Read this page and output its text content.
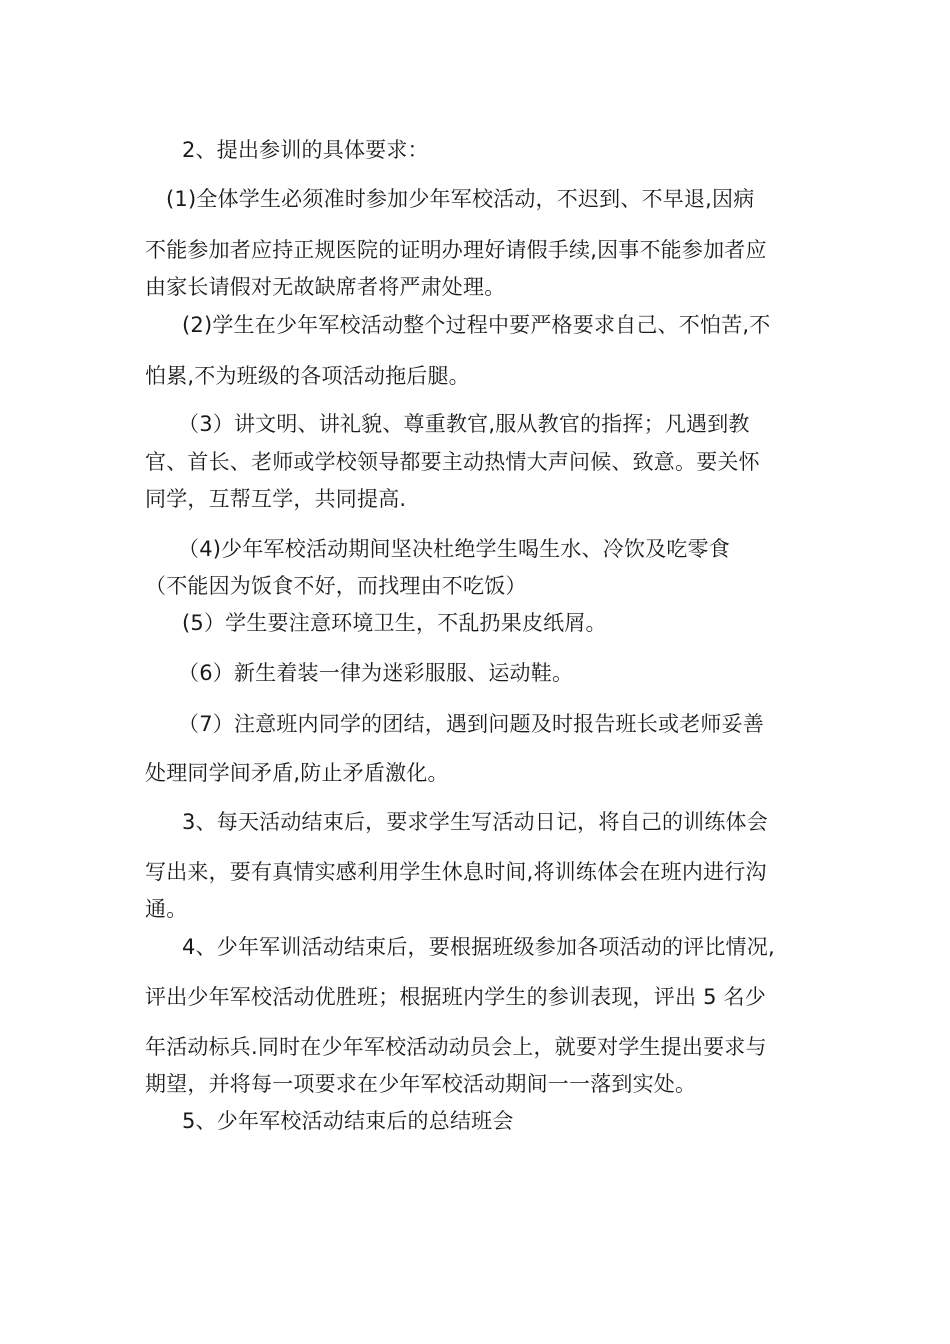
2、提出参训的具体要求：
(1)全体学生必须准时参加少年军校活动，不迟到、不早退,因病
不能参加者应持正规医院的证明办理好请假手续,因事不能参加者应
由家长请假对无故缺席者将严肃处理。
(2)学生在少年军校活动整个过程中要严格要求自己、不怕苦,不
怕累,不为班级的各项活动拖后腿。
（3）讲文明、讲礼貌、尊重教官,服从教官的指挥；凡遇到教
官、首长、老师或学校领导都要主动热情大声问候、致意。要关怀
同学，互帮互学，共同提高.
（4)少年军校活动期间坚决杜绝学生喝生水、冷饮及吃零食
（不能因为饭食不好，而找理由不吃饭）
(5）学生要注意环境卫生，不乱扔果皮纸屑。
（6）新生着装一律为迷彩服服、运动鞋。
（7）注意班内同学的团结，遇到问题及时报告班长或老师妥善
处理同学间矛盾,防止矛盾激化。
3、每天活动结束后，要求学生写活动日记，将自己的训练体会
写出来，要有真情实感利用学生休息时间,将训练体会在班内进行沟
通。
4、少年军训活动结束后，要根据班级参加各项活动的评比情况,
评出少年军校活动优胜班；根据班内学生的参训表现，评出 5 名少
年活动标兵.同时在少年军校活动动员会上，就要对学生提出要求与
期望，并将每一项要求在少年军校活动期间一一落到实处。
5、少年军校活动结束后的总结班会
